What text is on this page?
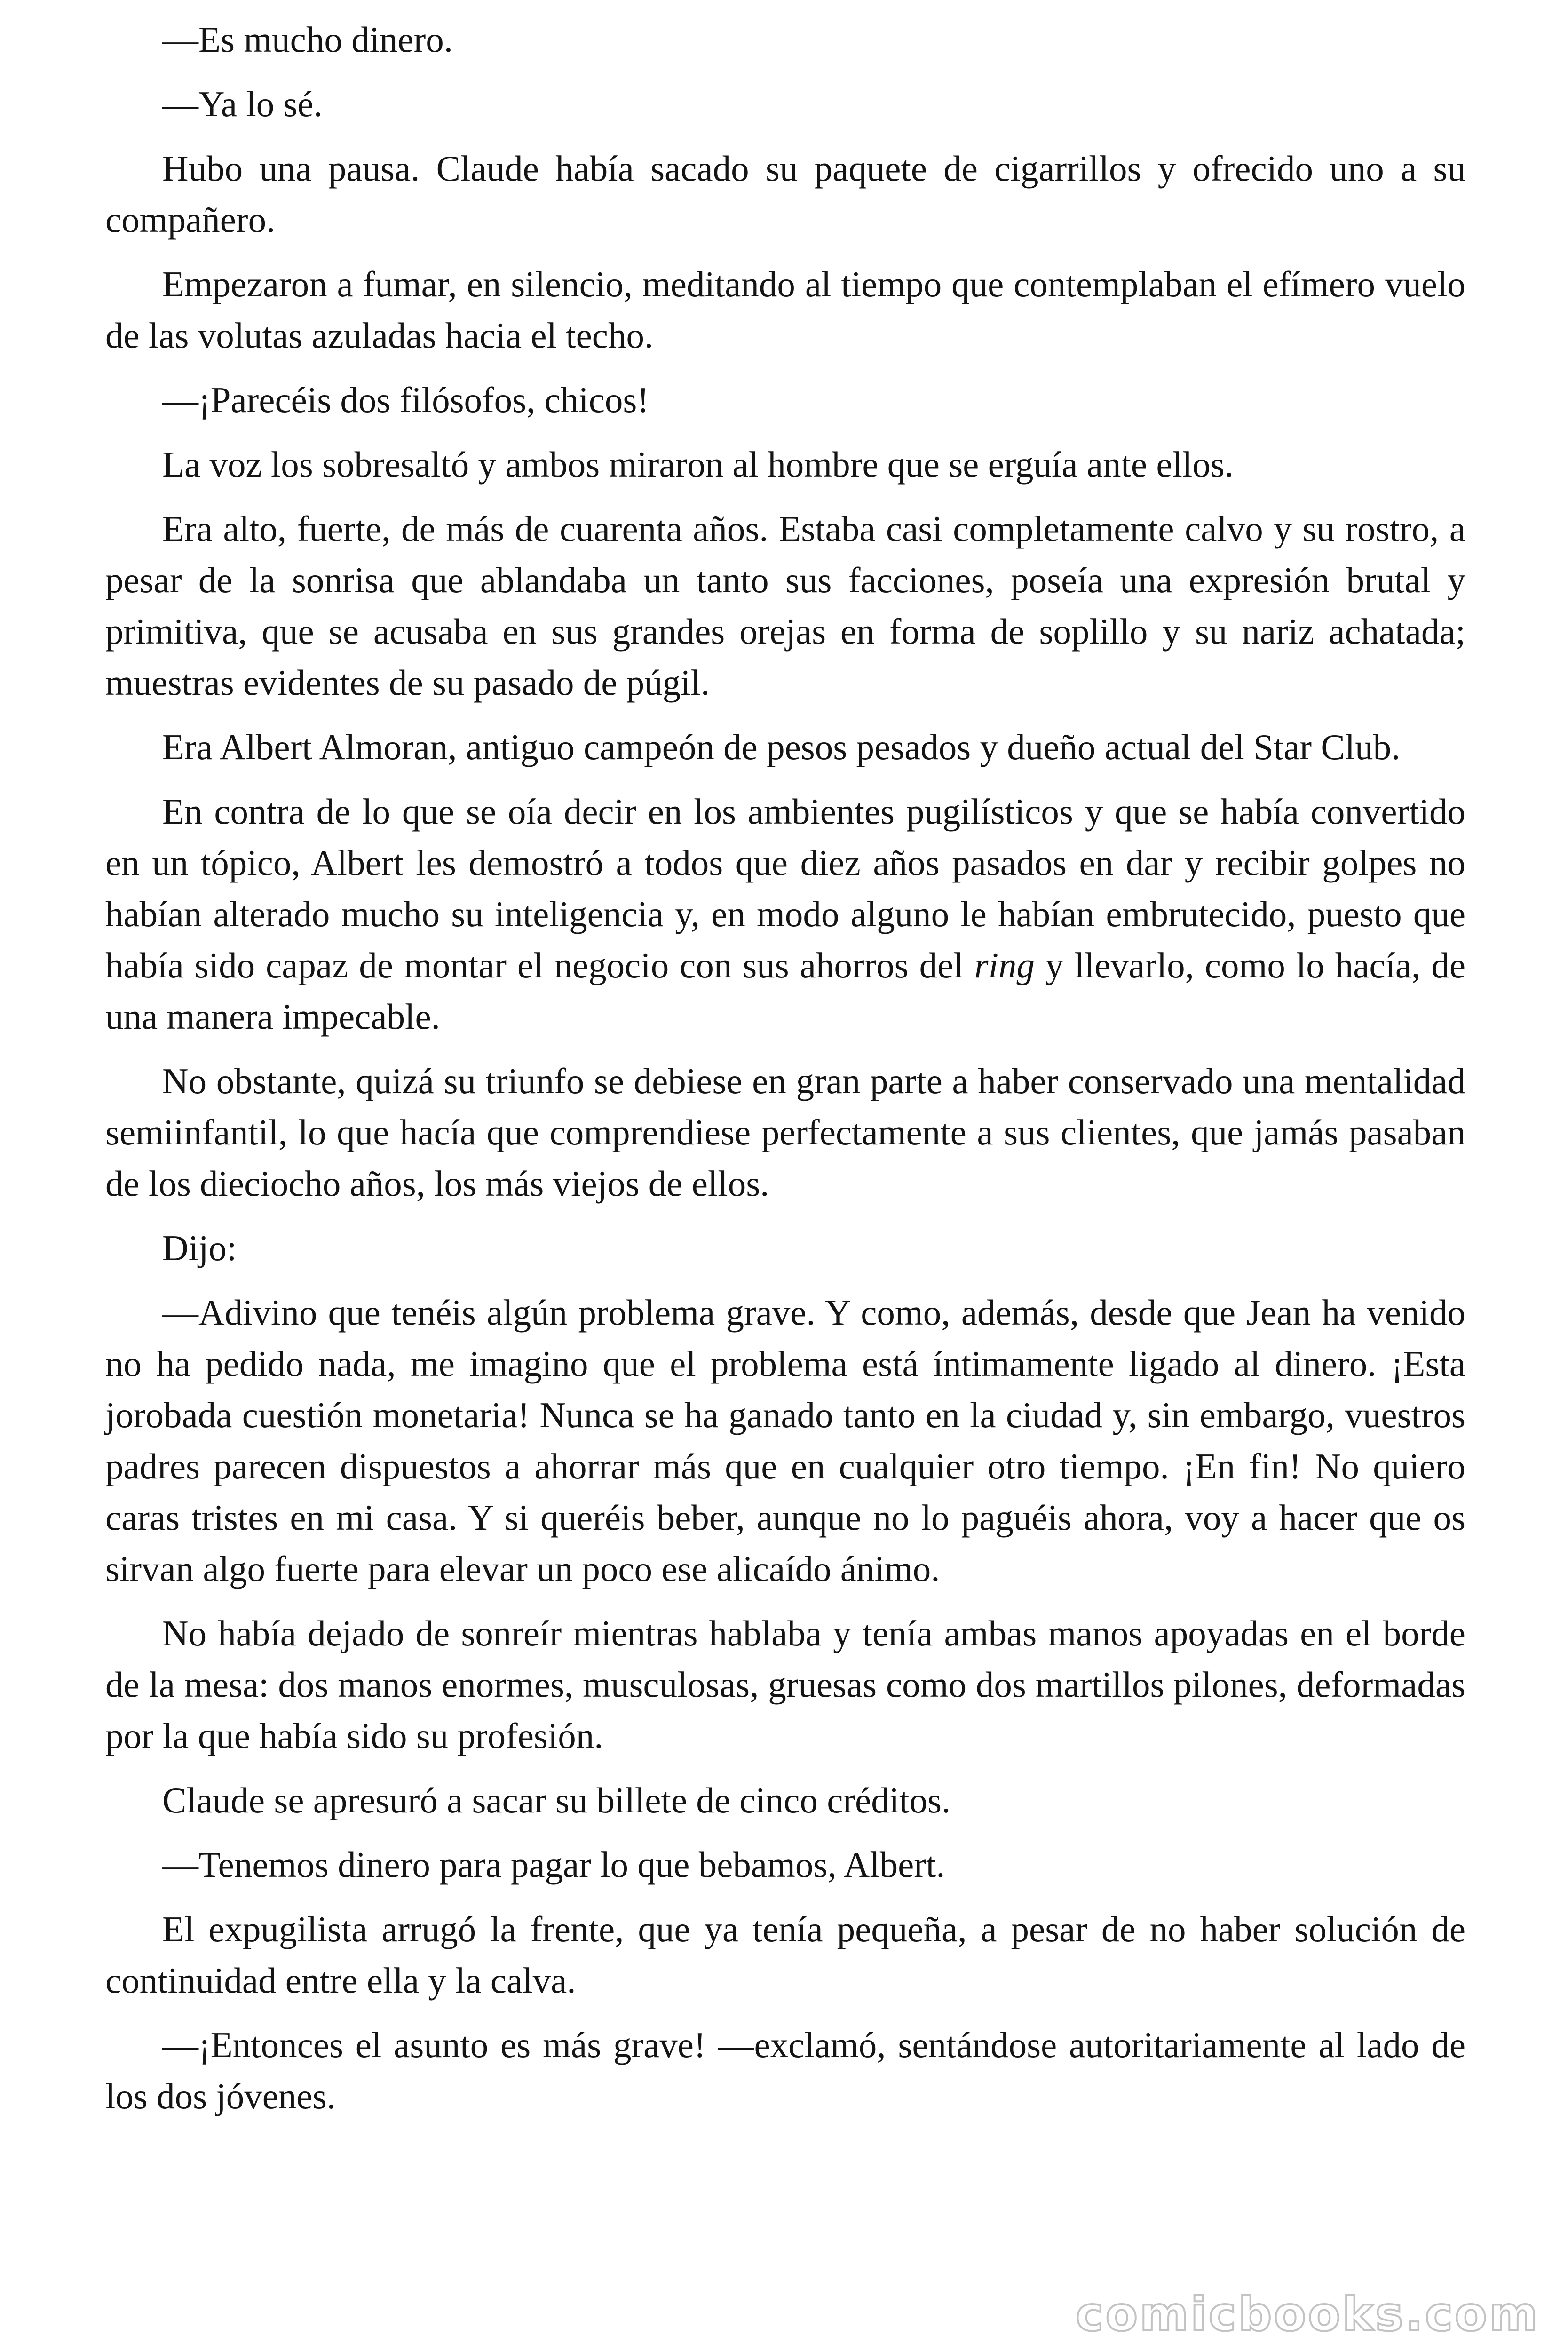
—Es mucho dinero.

—Ya lo sé.

Hubo una pausa. Claude había sacado su paquete de cigarrillos y ofrecido uno a su compañero.

Empezaron a fumar, en silencio, meditando al tiempo que contemplaban el efímero vuelo de las volutas azuladas hacia el techo.

—¡Parecéis dos filósofos, chicos!

La voz los sobresaltó y ambos miraron al hombre que se erguía ante ellos.

Era alto, fuerte, de más de cuarenta años. Estaba casi completamente calvo y su rostro, a pesar de la sonrisa que ablandaba un tanto sus facciones, poseía una expresión brutal y primitiva, que se acusaba en sus grandes orejas en forma de soplillo y su nariz achatada; muestras evidentes de su pasado de púgil.

Era Albert Almoran, antiguo campeón de pesos pesados y dueño actual del Star Club.

En contra de lo que se oía decir en los ambientes pugilísticos y que se había convertido en un tópico, Albert les demostró a todos que diez años pasados en dar y recibir golpes no habían alterado mucho su inteligencia y, en modo alguno le habían embrutecido, puesto que había sido capaz de montar el negocio con sus ahorros del ring y llevarlo, como lo hacía, de una manera impecable.

No obstante, quizá su triunfo se debiese en gran parte a haber conservado una mentalidad semiinfantil, lo que hacía que comprendiese perfectamente a sus clientes, que jamás pasaban de los dieciocho años, los más viejos de ellos.

Dijo:

—Adivino que tenéis algún problema grave. Y como, además, desde que Jean ha venido no ha pedido nada, me imagino que el problema está íntimamente ligado al dinero. ¡Esta jorobada cuestión monetaria! Nunca se ha ganado tanto en la ciudad y, sin embargo, vuestros padres parecen dispuestos a ahorrar más que en cualquier otro tiempo. ¡En fin! No quiero caras tristes en mi casa. Y si queréis beber, aunque no lo paguéis ahora, voy a hacer que os sirvan algo fuerte para elevar un poco ese alicaído ánimo.

No había dejado de sonreír mientras hablaba y tenía ambas manos apoyadas en el borde de la mesa: dos manos enormes, musculosas, gruesas como dos martillos pilones, deformadas por la que había sido su profesión.

Claude se apresuró a sacar su billete de cinco créditos.

—Tenemos dinero para pagar lo que bebamos, Albert.

El expugilista arrugó la frente, que ya tenía pequeña, a pesar de no haber solución de continuidad entre ella y la calva.

—¡Entonces el asunto es más grave! —exclamó, sentándose autoritariamente al lado de los dos jóvenes.

comicbooks.com
